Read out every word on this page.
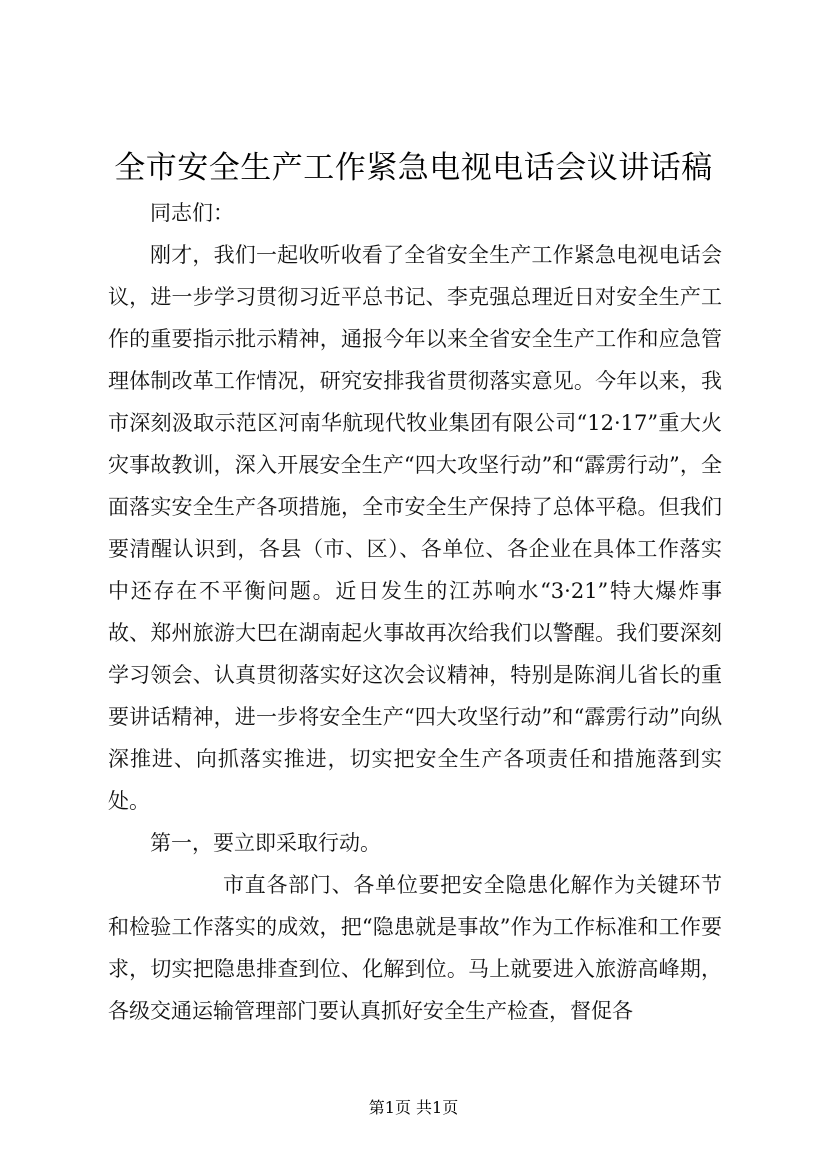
全市安全生产工作紧急电视电话会议讲话稿

同志们：

刚才，我们一起收听收看了全省安全生产工作紧急电视电话会议，进一步学习贯彻习近平总书记、李克强总理近日对安全生产工作的重要指示批示精神，通报今年以来全省安全生产工作和应急管理体制改革工作情况，研究安排我省贯彻落实意见。今年以来，我市深刻汲取示范区河南华航现代牧业集团有限公司“12·17”重大火灾事故教训，深入开展安全生产“四大攻坚行动”和“霹雳行动”，全面落实安全生产各项措施，全市安全生产保持了总体平稳。但我们要清醒认识到，各县（市、区）、各单位、各企业在具体工作落实中还存在不平衡问题。近日发生的江苏响水“3·21”特大爆炸事故、郑州旅游大巴在湖南起火事故再次给我们以警醒。我们要深刻学习领会、认真贯彻落实好这次会议精神，特别是陈润儿省长的重要讲话精神，进一步将安全生产“四大攻坚行动”和“霹雳行动”向纵深推进、向抓落实推进，切实把安全生产各项责任和措施落到实处。

第一，要立即采取行动。

市直各部门、各单位要把安全隐患化解作为关键环节和检验工作落实的成效，把“隐患就是事故”作为工作标准和工作要求，切实把隐患排查到位、化解到位。马上就要进入旅游高峰期，各级交通运输管理部门要认真抓好安全生产检查，督促各

第1页 共1页
